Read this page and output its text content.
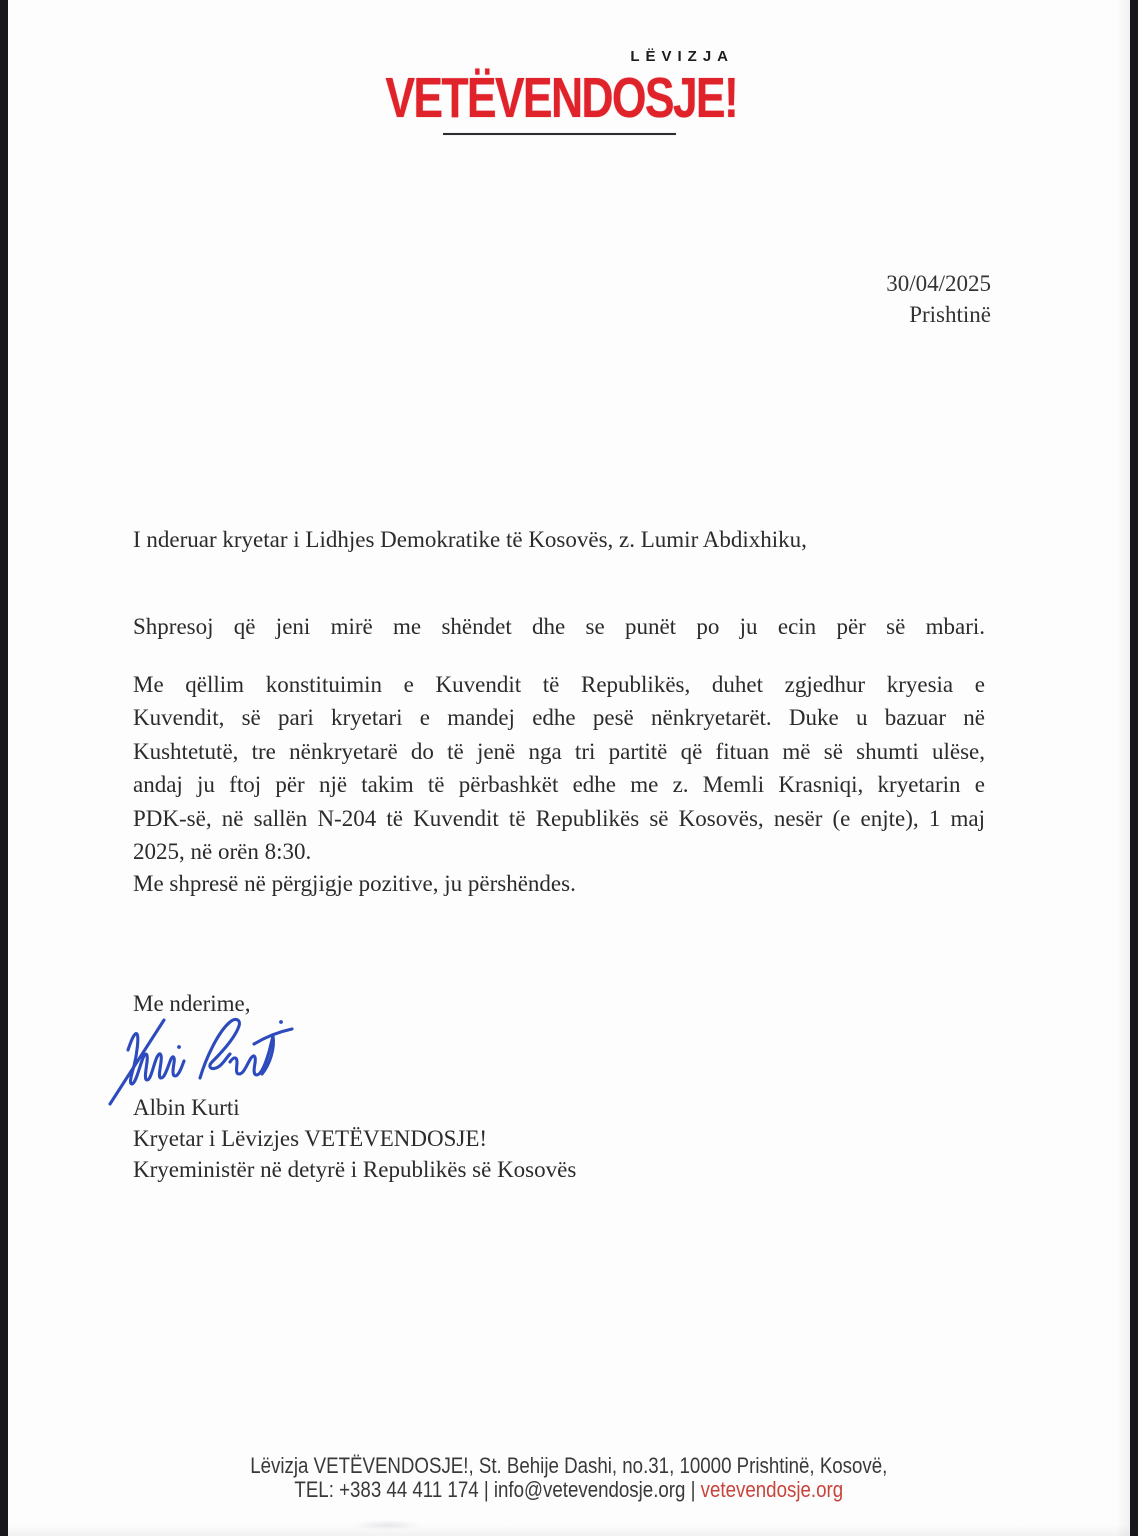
LËVIZJA
VETËVENDOSJE!
30/04/2025
Prishtinë
I nderuar kryetar i Lidhjes Demokratike të Kosovës, z. Lumir Abdixhiku,
Shpresoj që jeni mirë me shëndet dhe se punët po ju ecin për së mbari.
Me qëllim konstituimin e Kuvendit të Republikës, duhet zgjedhur kryesia e
Kuvendit, së pari kryetari e mandej edhe pesë nënkryetarët. Duke u bazuar në
Kushtetutë, tre nënkryetarë do të jenë nga tri partitë që fituan më së shumti ulëse,
andaj ju ftoj për një takim të përbashkët edhe me z. Memli Krasniqi, kryetarin e
PDK-së, në sallën N-204 të Kuvendit të Republikës së Kosovës, nesër (e enjte), 1 maj
2025, në orën 8:30.
Me shpresë në përgjigje pozitive, ju përshëndes.
Me nderime,
Albin Kurti
Kryetar i Lëvizjes VETËVENDOSJE!
Kryeministër në detyrë i Republikës së Kosovës
Lëvizja VETËVENDOSJE!, St. Behije Dashi, no.31, 10000 Prishtinë, Kosovë,
TEL: +383 44 411 174 | info@vetevendosje.org | vetevendosje.org
